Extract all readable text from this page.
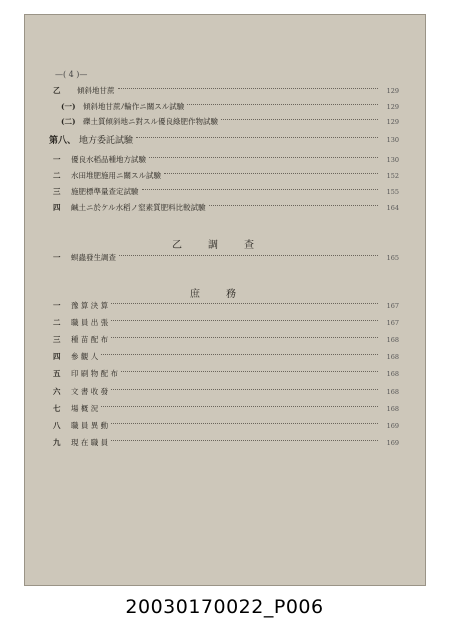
—( 4 )—
乙	傾斜地甘蔗	129
(一) 傾斜地甘蔗ﾉ輪作ニ關スル試驗	129
(二) 礫土質傾斜地ニ對スル優良綠肥作物試驗	129
第八、 地方委託試驗	130
一	優良水稻品種地方試驗	130
二	水田堆肥施用ニ關スル試驗	152
三	施肥標準量查定試驗	155
四	鹹土ニ於ケル水稻ノ窒素質肥料比較試驗	164
一	螟蟲發生調查	165
一	豫 算 決 算	167
二	職 員 出 張	167
三	種 苗 配 布	168
四	參 觀 人	168
五	印 刷 物 配 布	168
六	文 書 收 發	168
七	場 概 況	168
八	職 員 異 動	169
九	現 在 職 員	169
乙調查
庶務
20030170022_P006
